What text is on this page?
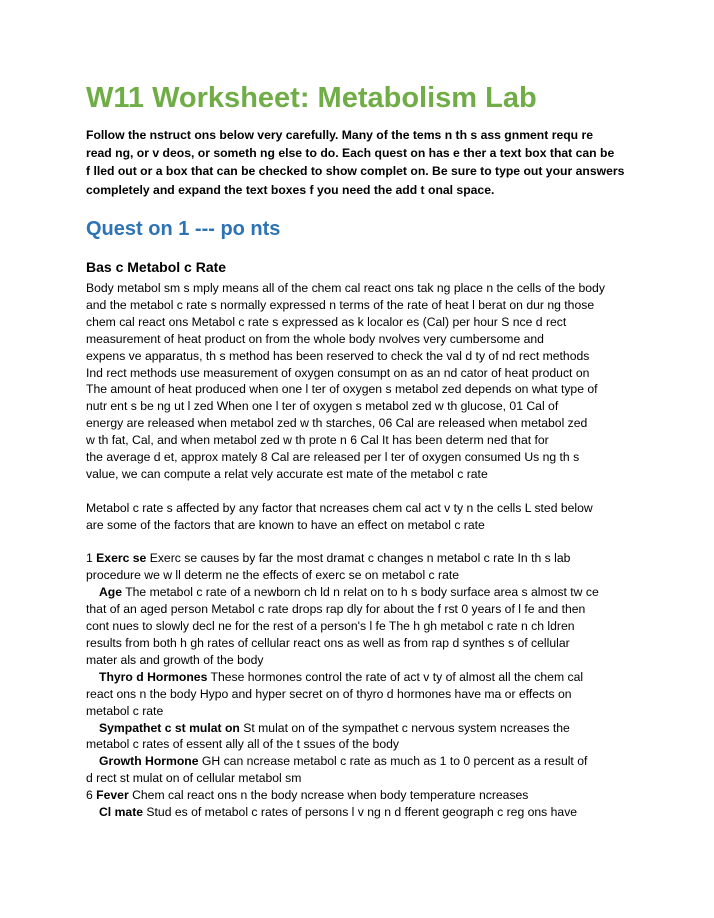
W11 Worksheet: Metabolism Lab
Follow the nstruct ons below very carefully. Many of the tems n th s ass gnment requ re
read ng, or v deos, or someth ng else to do. Each quest on has e ther a text box that can be
f lled out or a box that can be checked to show complet on. Be sure to type out your answers
completely and expand the text boxes f you need the add t onal space.
Quest on 1 --- po nts
Bas c Metabol c Rate
Body metabol sm s mply means all of the chem cal react ons tak ng place n the cells of the body
and the metabol c rate s normally expressed n terms of the rate of heat l berat on dur ng those
chem cal react ons Metabol c rate s expressed as k localor es (Cal) per hour S nce d rect
measurement of heat product on from the whole body nvolves very cumbersome and
expens ve apparatus, th s method has been reserved to check the val d ty of nd rect methods
Ind rect methods use measurement of oxygen consumpt on as an nd cator of heat product on
The amount of heat produced when one l ter of oxygen s metabol zed depends on what type of
nutr ent s be ng ut l zed When one l ter of oxygen s metabol zed w th glucose, 01 Cal of
energy are released when metabol zed w th starches, 06 Cal are released when metabol zed
w th fat, Cal, and when metabol zed w th prote n 6 Cal It has been determ ned that for
the average d et, approx mately 8 Cal are released per l ter of oxygen consumed Us ng th s
value, we can compute a relat vely accurate est mate of the metabol c rate
Metabol c rate s affected by any factor that ncreases chem cal act v ty n the cells L sted below
are some of the factors that are known to have an effect on metabol c rate
1 Exerc se Exerc se causes by far the most dramat c changes n metabol c rate In th s lab
procedure we w ll determ ne the effects of exerc se on metabol c rate
Age The metabol c rate of a newborn ch ld n relat on to h s body surface area s almost tw ce
that of an aged person Metabol c rate drops rap dly for about the f rst 0 years of l fe and then
cont nues to slowly decl ne for the rest of a person's l fe The h gh metabol c rate n ch ldren
results from both h gh rates of cellular react ons as well as from rap d synthes s of cellular
mater als and growth of the body
Thyro d Hormones These hormones control the rate of act v ty of almost all the chem cal
react ons n the body Hypo and hyper secret on of thyro d hormones have ma or effects on
metabol c rate
Sympathet c st mulat on St mulat on of the sympathet c nervous system ncreases the
metabol c rates of essent ally all of the t ssues of the body
Growth Hormone GH can ncrease metabol c rate as much as 1 to 0 percent as a result of
d rect st mulat on of cellular metabol sm
6 Fever Chem cal react ons n the body ncrease when body temperature ncreases
Cl mate Stud es of metabol c rates of persons l v ng n d fferent geograph c reg ons have
